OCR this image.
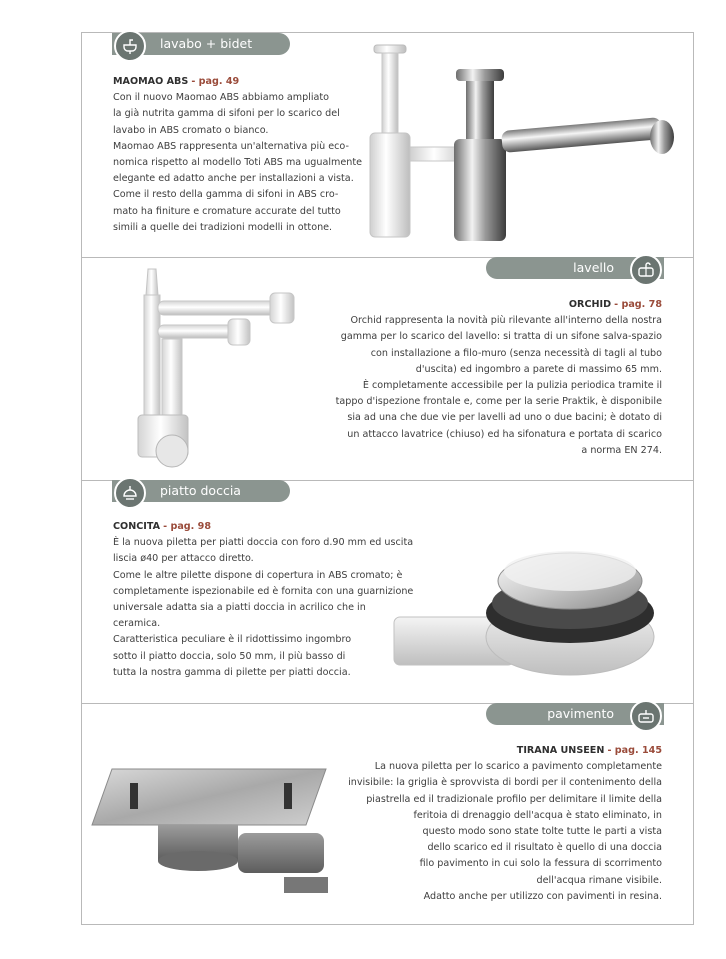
lavabo + bidet

MAOMAO ABS - pag. 49

Con il nuovo Maomao ABS abbiamo ampliato

la già nutrita gamma di sifoni per lo scarico del

lavabo in ABS cromato o bianco.

Maomao ABS rappresenta un'alternativa più eco-

nomica rispetto al modello Toti ABS ma ugualmente

elegante ed adatto anche per installazioni a vista.

Come il resto della gamma di sifoni in ABS cro-

mato ha finiture e cromature accurate del tutto

simili a quelle dei tradizioni modelli in ottone.

lavello

ORCHID - pag. 78

Orchid rappresenta la novità più rilevante all'interno della nostra

gamma per lo scarico del lavello: si tratta di un sifone salva-spazio

con installazione a filo-muro (senza necessità di tagli al tubo

d'uscita) ed ingombro a parete di massimo 65 mm.

È completamente accessibile per la pulizia periodica tramite il

tappo d'ispezione frontale e, come per la serie Praktik, è disponibile

sia ad una che due vie per lavelli ad uno o due bacini; è dotato di

un attacco lavatrice (chiuso) ed ha sifonatura e portata di scarico

a norma EN 274.

piatto doccia

CONCITA - pag. 98

È la nuova piletta per piatti doccia con foro d.90 mm ed uscita

liscia ø40 per attacco diretto.

Come le altre pilette dispone di copertura in ABS cromato; è

completamente ispezionabile ed è fornita con una guarnizione

universale adatta sia a piatti doccia in acrilico che in

ceramica.

Caratteristica peculiare è il ridottissimo ingombro

sotto il piatto doccia, solo 50 mm, il più basso di

tutta la nostra gamma di pilette per piatti doccia.

pavimento

TIRANA UNSEEN - pag. 145

La nuova piletta per lo scarico a pavimento completamente

invisibile: la griglia è sprovvista di bordi per il contenimento della

piastrella ed il tradizionale profilo per delimitare il limite della

feritoia di drenaggio dell'acqua è stato eliminato, in

questo modo sono state tolte tutte le parti a vista

dello scarico ed il risultato è quello di una doccia

filo pavimento in cui solo la fessura di scorrimento

dell'acqua rimane visibile.

Adatto anche per utilizzo con pavimenti in resina.
